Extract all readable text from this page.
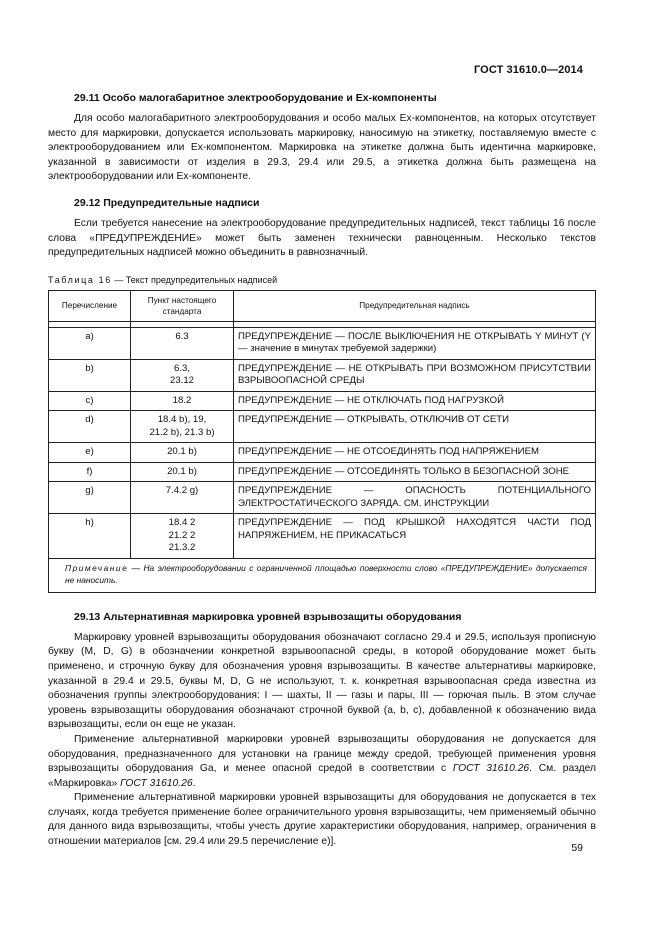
ГОСТ 31610.0—2014
29.11 Особо малогабаритное электрооборудование и Ex-компоненты

Для особо малогабаритного электрооборудования и особо малых Ex-компонентов, на которых отсутствует место для маркировки, допускается использовать маркировку, наносимую на этикетку, поставляемую вместе с электрооборудованием или Ex-компонентом. Маркировка на этикетке должна быть идентична маркировке, указанной в зависимости от изделия в 29.3, 29.4 или 29.5, а этикетка должна быть размещена на электрооборудовании или Ex-компоненте.

29.12 Предупредительные надписи

Если требуется нанесение на электрооборудование предупредительных надписей, текст таблицы 16 после слова «ПРЕДУПРЕЖДЕНИЕ» может быть заменен технически равноценным. Несколько текстов предупредительных надписей можно объединить в равнозначный.

Таблица 16 — Текст предупредительных надписей
Перечисление	Пункт настоящего стандарта	Предупредительная надпись

a)	6.3	ПРЕДУПРЕЖДЕНИЕ — ПОСЛЕ ВЫКЛЮЧЕНИЯ НЕ ОТКРЫВАТЬ Y МИНУТ (Y — значение в минутах требуемой задержки)
b)	6.3,
23.12	ПРЕДУПРЕЖДЕНИЕ — НЕ ОТКРЫВАТЬ ПРИ ВОЗМОЖНОМ ПРИСУТСТВИИ ВЗРЫВООПАСНОЙ СРЕДЫ
c)	18.2	ПРЕДУПРЕЖДЕНИЕ — НЕ ОТКЛЮЧАТЬ ПОД НАГРУЗКОЙ
d)	18.4 b), 19,
21.2 b), 21.3 b)	ПРЕДУПРЕЖДЕНИЕ — ОТКРЫВАТЬ, ОТКЛЮЧИВ ОТ СЕТИ
e)	20.1 b)	ПРЕДУПРЕЖДЕНИЕ — НЕ ОТСОЕДИНЯТЬ ПОД НАПРЯЖЕНИЕМ
f)	20.1 b)	ПРЕДУПРЕЖДЕНИЕ — ОТСОЕДИНЯТЬ ТОЛЬКО В БЕЗОПАСНОЙ ЗОНЕ
g)	7.4.2 g)	ПРЕДУПРЕЖДЕНИЕ — ОПАСНОСТЬ ПОТЕНЦИАЛЬНОГО ЭЛЕКТРОСТАТИЧЕСКОГО ЗАРЯДА. СМ. ИНСТРУКЦИИ
h)	18.4 2
21.2 2
21.3.2	ПРЕДУПРЕЖДЕНИЕ — ПОД КРЫШКОЙ НАХОДЯТСЯ ЧАСТИ ПОД НАПРЯЖЕНИЕМ, НЕ ПРИКАСАТЬСЯ
Примечание — На электрооборудовании с ограниченной площадью поверхности слово «ПРЕДУПРЕЖДЕНИЕ» допускается не наносить.		
29.13 Альтернативная маркировка уровней взрывозащиты оборудования

Маркировку уровней взрывозащиты оборудования обозначают согласно 29.4 и 29.5, используя прописную букву (M, D, G) в обозначении конкретной взрывоопасной среды, в которой оборудование может быть применено, и строчную букву для обозначения уровня взрывозащиты. В качестве альтернативы маркировке, указанной в 29.4 и 29.5, буквы M, D, G не используют, т. к. конкретная взрывоопасная среда известна из обозначения группы электрооборудования: I — шахты, II — газы и пары, III — горючая пыль. В этом случае уровень взрывозащиты оборудования обозначают строчной буквой (a, b, c), добавленной к обозначению вида взрывозащиты, если он еще не указан.

Применение альтернативной маркировки уровней взрывозащиты оборудования не допускается для оборудования, предназначенного для установки на границе между средой, требующей применения уровня взрывозащиты оборудования Ga, и менее опасной средой в соответствии с ГОСТ 31610.26. См. раздел «Маркировка» ГОСТ 31610.26.

Применение альтернативной маркировки уровней взрывозащиты для оборудования не допускается в тех случаях, когда требуется применение более ограничительного уровня взрывозащиты, чем применяемый обычно для данного вида взрывозащиты, чтобы учесть другие характеристики оборудования, например, ограничения в отношении материалов [см. 29.4 или 29.5 перечисление e)].

59
